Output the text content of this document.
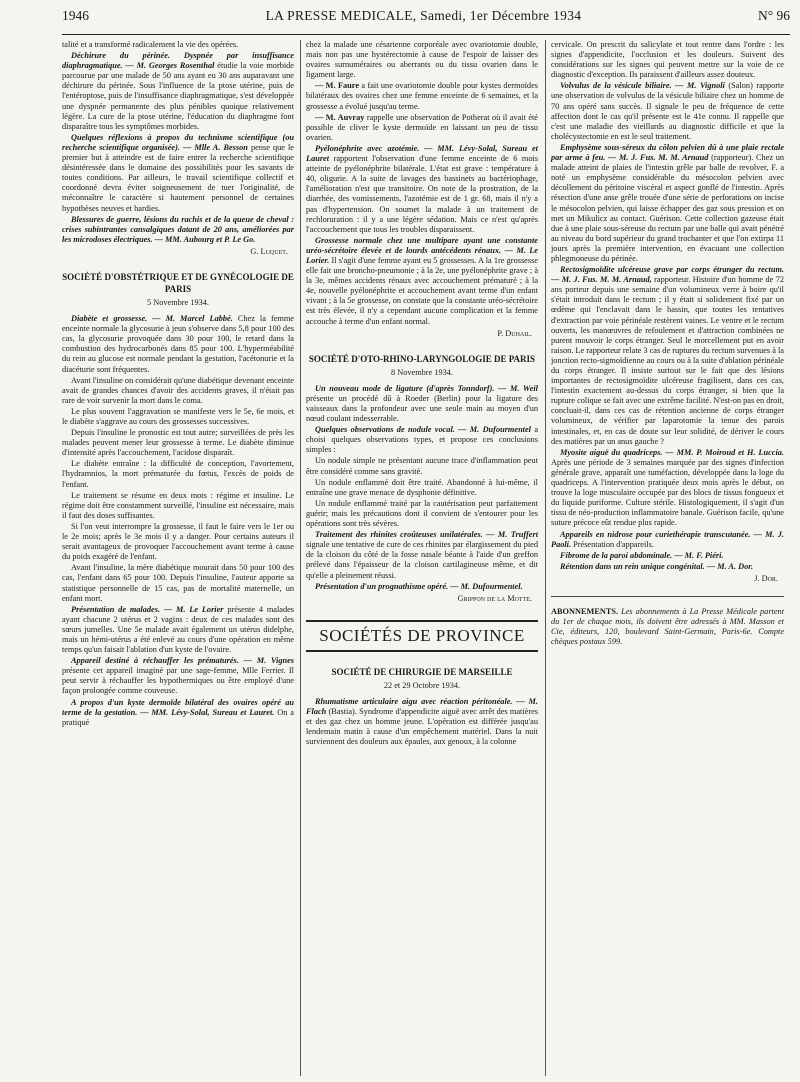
1946	LA PRESSE MEDICALE, Samedi, 1er Décembre 1934	N° 96

talité et a transformé radicalement la vie des opérées.

Déchirure du périnée. Dyspnée par insuffisance diaphragmatique. — M. Georges Rosenthal étudie la voie morbide parcourue par une malade de 50 ans ayant eu 30 ans auparavant une déchirure du périnée. Sous l'influence de la ptose utérine, puis de l'entéroptose, puis de l'insuffisance diaphragmatique, s'est développée une dyspnée permanente des plus pénibles quoique relativement légère. La cure de la ptose utérine, l'éducation du diaphragme font disparaître tous les symptômes morbides.

Quelques réflexions à propos du technisme scientifique (ou recherche scientifique organisée). — Mlle A. Besson pense que le premier but à atteindre est de faire entrer la recherche scientifique désintéressée dans le domaine des possibilités pour les savants de toutes conditions. Par ailleurs, le travail scientifique collectif et coordonné devra éviter soigneusement de tuer l'originalité, de méconnaître le caractère si hautement personnel de certaines hypothèses neuves et hardies.

Blessures de guerre, lésions du rachis et de la queue de cheval : crises subintrantes cansalgiques datant de 20 ans, améliorées par les microdoses électriques. — MM. Aubourg et P. Le Go.

G. Luquet.

SOCIÉTÉ D'OBSTÉTRIQUE ET DE GYNÉCOLOGIE DE PARIS

5 Novembre 1934.

Diabète et grossesse. — M. Marcel Labbé. Chez la femme enceinte normale la glycosurie à jeun s'observe dans 5,8 pour 100 des cas, la glycosurie provoquée dans 30 pour 100, le retard dans la combustion des hydrocarbonés dans 85 pour 100. L'hyperméabilité du rein au glucose est normale pendant la gestation, l'acétonurie et la diacéturie sont fréquentes.

Avant l'insuline on considérait qu'une diabétique devenant enceinte avait de grandes chances d'avoir des accidents graves, il n'était pas rare de voir survenir la mort dans le coma.

Le plus souvent l'aggravation se manifeste vers le 5e, 6e mois, et le diabète s'aggrave au cours des grossesses successives.

Depuis l'insuline le pronostic est tout autre; surveillées de près les malades peuvent mener leur grossesse à terme. Le diabète diminue d'intensité après l'accouchement, l'acidose disparaît.

Le diabète entraîne : la difficulté de conception, l'avortement, l'hydramnios, la mort prématurée du fœtus, l'excès de poids de l'enfant.

Le traitement se résume en deux mots : régime et insuline. Le régime doit être constamment surveillé, l'insuline est nécessaire, mais il faut des doses suffisantes.

Si l'on veut interrompre la grossesse, il faut le faire vers le 1er ou le 2e mois; après le 3e mois il y a danger. Pour certains auteurs il serait avantageux de provoquer l'accouchement avant terme à cause du poids exagéré de l'enfant.

Avant l'insuline, la mère diabétique mourait dans 50 pour 100 des cas, l'enfant dans 65 pour 100. Depuis l'insuline, l'auteur apporte sa statistique personnelle de 15 cas, pas de mortalité maternelle, un enfant mort.

Présentation de malades. — M. Le Lorier présente 4 malades ayant chacune 2 utérus et 2 vagins : deux de ces malades sont des sœurs jumelles. Une 5e malade avait également un utérus didelphe, mais un hémi-utérus a été enlevé au cours d'une opération en même temps qu'un faisait l'ablation d'un kyste de l'ovaire.

Appareil destiné à réchauffer les prématurés. — M. Vignes présente cet appareil imaginé par une sage-femme, Mlle Ferrier. Il peut servir à réchauffer les hypothermiques ou être employé d'une façon prolongée comme couveuse.

A propos d'un kyste dermoïde bilatéral des ovaires opéré au terme de la gestation. — MM. Lévy-Solal, Sureau et Lauret. On a pratiqué

chez la malade une césarienne corporéale avec ovariotomie double, mais non pas une hystérectomie à cause de l'espoir de laisser des ovaires surnuméraires ou aberrants ou du tissu ovarien dans le ligament large.

— M. Faure a fait une ovariotomie double pour kystes dermoïdes bilatéraux des ovaires chez une femme enceinte de 6 semaines, et la grossesse a évolué jusqu'au terme.

— M. Auvray rappelle une observation de Potherat où il avait été possible de cliver le kyste dermoïde en laissant un peu de tissu ovarien.

Pyélonéphrite avec azotémie. — MM. Lévy-Solal, Sureau et Lauret rapportent l'observation d'une femme enceinte de 6 mois atteinte de pyélonéphrite bilatérale. L'état est grave : température à 40, oligurie. A la suite de lavages des bassinets au bactériophage, l'amélioration n'est que transitoire. On note de la prostration, de la diarrhée, des vomissements, l'azotémie est de 1 gr. 68, mais il n'y a pas d'hypertension. On soumet la malade à un traitement de rechloruration : il y a une légère sédation. Mais ce n'est qu'après l'accouchement que tous les troubles disparaissent.

Grossesse normale chez une multipare ayant une constante uréo-sécrétoire élevée et de lourds antécédents rénaux. — M. Le Lorier. Il s'agit d'une femme ayant eu 5 grossesses. A la 1re grossesse elle fait une broncho-pneumonie ; à la 2e, une pyélonéphrite grave ; à la 3e, mêmes accidents rénaux avec accouchement prématuré ; à la 4e, nouvelle pyélonéphrite et accouchement avant terme d'un enfant vivant ; à la 5e grossesse, on constate que la constante uréo-sécrétoire est très élevée, il n'y a cependant aucune complication et la femme accouche à terme d'un enfant normal.

P. Duhail.

SOCIÉTÉ D'OTO-RHINO-LARYNGOLOGIE DE PARIS

8 Novembre 1934.

Un nouveau mode de ligature (d'après Tonndorf). — M. Weil présente un procédé dû à Roeder (Berlin) pour la ligature des vaisseaux dans la profondeur avec une seule main au moyen d'un nœud coulant indesserrable.

Quelques observations de nodule vocal. — M. Dufourmentel a choisi quelques observations types, et propose ces conclusions simples :

Un nodule simple ne présentant aucune trace d'inflammation peut être considéré comme sans gravité.

Un nodule enflammé doit être traité. Abandonné à lui-même, il entraîne une grave menace de dysphonie définitive.

Un nodule enflammé traité par la cautérisation peut parfaitement guérir; mais les précautions dont il convient de s'entourer pour les opérations sont très sévères.

Traitement des rhinites croûteuses unilatérales. — M. Truffert signale une tentative de cure de ces rhinites par élargissement du pied de la cloison du côté de la fosse nasale béante à l'aide d'un greffon prélevé dans l'épaisseur de la cloison cartilagineuse même, et dit qu'elle a pleinement réussi.

Présentation d'un prognathisme opéré. — M. Dufourmentel.

Grippon de la Motte.

SOCIÉTÉS DE PROVINCE

SOCIÉTÉ DE CHIRURGIE DE MARSEILLE

22 et 29 Octobre 1934.

Rhumatisme articulaire aigu avec réaction péritonéale. — M. Flach (Bastia). Syndrome d'appendicite aiguë avec arrêt des matières et des gaz chez un homme jeune. L'opération est différée jusqu'au lendemain matin à cause d'un empêchement matériel. Dans la nuit surviennent des douleurs aux épaules, aux genoux, à la colonne

cervicale. On prescrit du salicylate et tout rentre dans l'ordre : les signes d'appendicite, l'occlusion et les douleurs. Suivent des considérations sur les signes qui peuvent mettre sur la voie de ce diagnostic d'exception. Ils paraissent d'ailleurs assez douteux.

Volvulus de la vésicule biliaire. — M. Vignoli (Salon) rapporte une observation de volvulus de la vésicule biliaire chez un homme de 70 ans opéré sans succès. Il signale le peu de fréquence de cette affection dont le cas qu'il présente est le 41e connu. Il rappelle que c'est une maladie des vieillards au diagnostic difficile et que la cholécystectomie en est le seul traitement.

Emphysème sous-séreux du côlon pelvien dû à une plaie rectale par arme à feu. — M. J. Fus. M. M. Arnaud (rapporteur). Chez un malade atteint de plaies de l'intestin grêle par balle de revolver, F. a noté un emphysème considérable du mésocolon pelvien avec décollement du péritoine viscéral et aspect gonflé de l'intestin. Après résection d'une anse grêle trouée d'une série de perforations on incise le mésocolon pelvien, qui laisse échapper des gaz sous pression et on met un Mikulicz au contact. Guérison. Cette collection gazeuse était due à une plaie sous-séreuse du rectum par une balle qui avait pénétré au niveau du bord supérieur du grand trochanter et que l'on extirpa 11 jours après la première intervention, en évacuant une collection phlegmoneuse du périnée.

Rectosigmoïdite ulcéreuse grave par corps étranger du rectum. — M. J. Fus. M. M. Arnaud, rapporteur. Histoire d'un homme de 72 ans porteur depuis une semaine d'un volumineux verre à boire qu'il s'était introduit dans le rectum ; il y était si solidement fixé par un œdème qui l'enclavait dans le bassin, que toutes les tentatives d'extraction par voie périnéale restèrent vaines. Le ventre et le rectum ouverts, les manœuvres de refoulement et d'attraction combinées ne purent mouvoir le corps étranger. Seul le morcellement put en avoir raison. Le rapporteur relate 3 cas de ruptures du rectum survenues à la jonction recto-sigmoïdienne au cours ou à la suite d'ablation périnéale du corps étranger. Il insiste surtout sur le fait que des lésions importantes de rectosigmoïdite ulcéreuse fragilisent, dans ces cas, l'intestin exactement au-dessus du corps étranger, si bien que la rupture colique se fait avec une extrême facilité. N'est-on pas en droit, concluait-il, dans ces cas de rétention ancienne de corps étranger volumineux, de vérifier par laparotomie la tenue des parois intestinales, et, en cas de doute sur leur solidité, de dériver le cours des matières par un anus gauche ?

Myosite aiguë du quadriceps. — MM. P. Moiroud et H. Luccia. Après une période de 3 semaines marquée par des signes d'infection générale grave, apparaît une tuméfaction, développée dans la loge du quadriceps. A l'intervention pratiquée deux mois après le début, on trouve la loge musculaire occupée par des blocs de tissus fongueux et du liquide puriforme. Culture stérile. Histologiquement, il s'agit d'un tissu de néo-production inflammatoire banale. Guérison facile, qu'une suture précoce eût rendue plus rapide.

Appareils en nidrose pour curiethérapie transcutanée. — M. J. Paoli. Présentation d'appareils.

Fibrome de la paroi abdominale. — M. F. Piéri.

Rétention dans un rein unique congénital. — M. A. Dor.

J. Dor.

ABONNEMENTS. Les abonnements à La Presse Médicale partent du 1er de chaque mois, ils doivent être adressés à MM. Masson et Cie, éditeurs, 120, boulevard Saint-Germain, Paris-6e. Compte chèques postaux 599.
